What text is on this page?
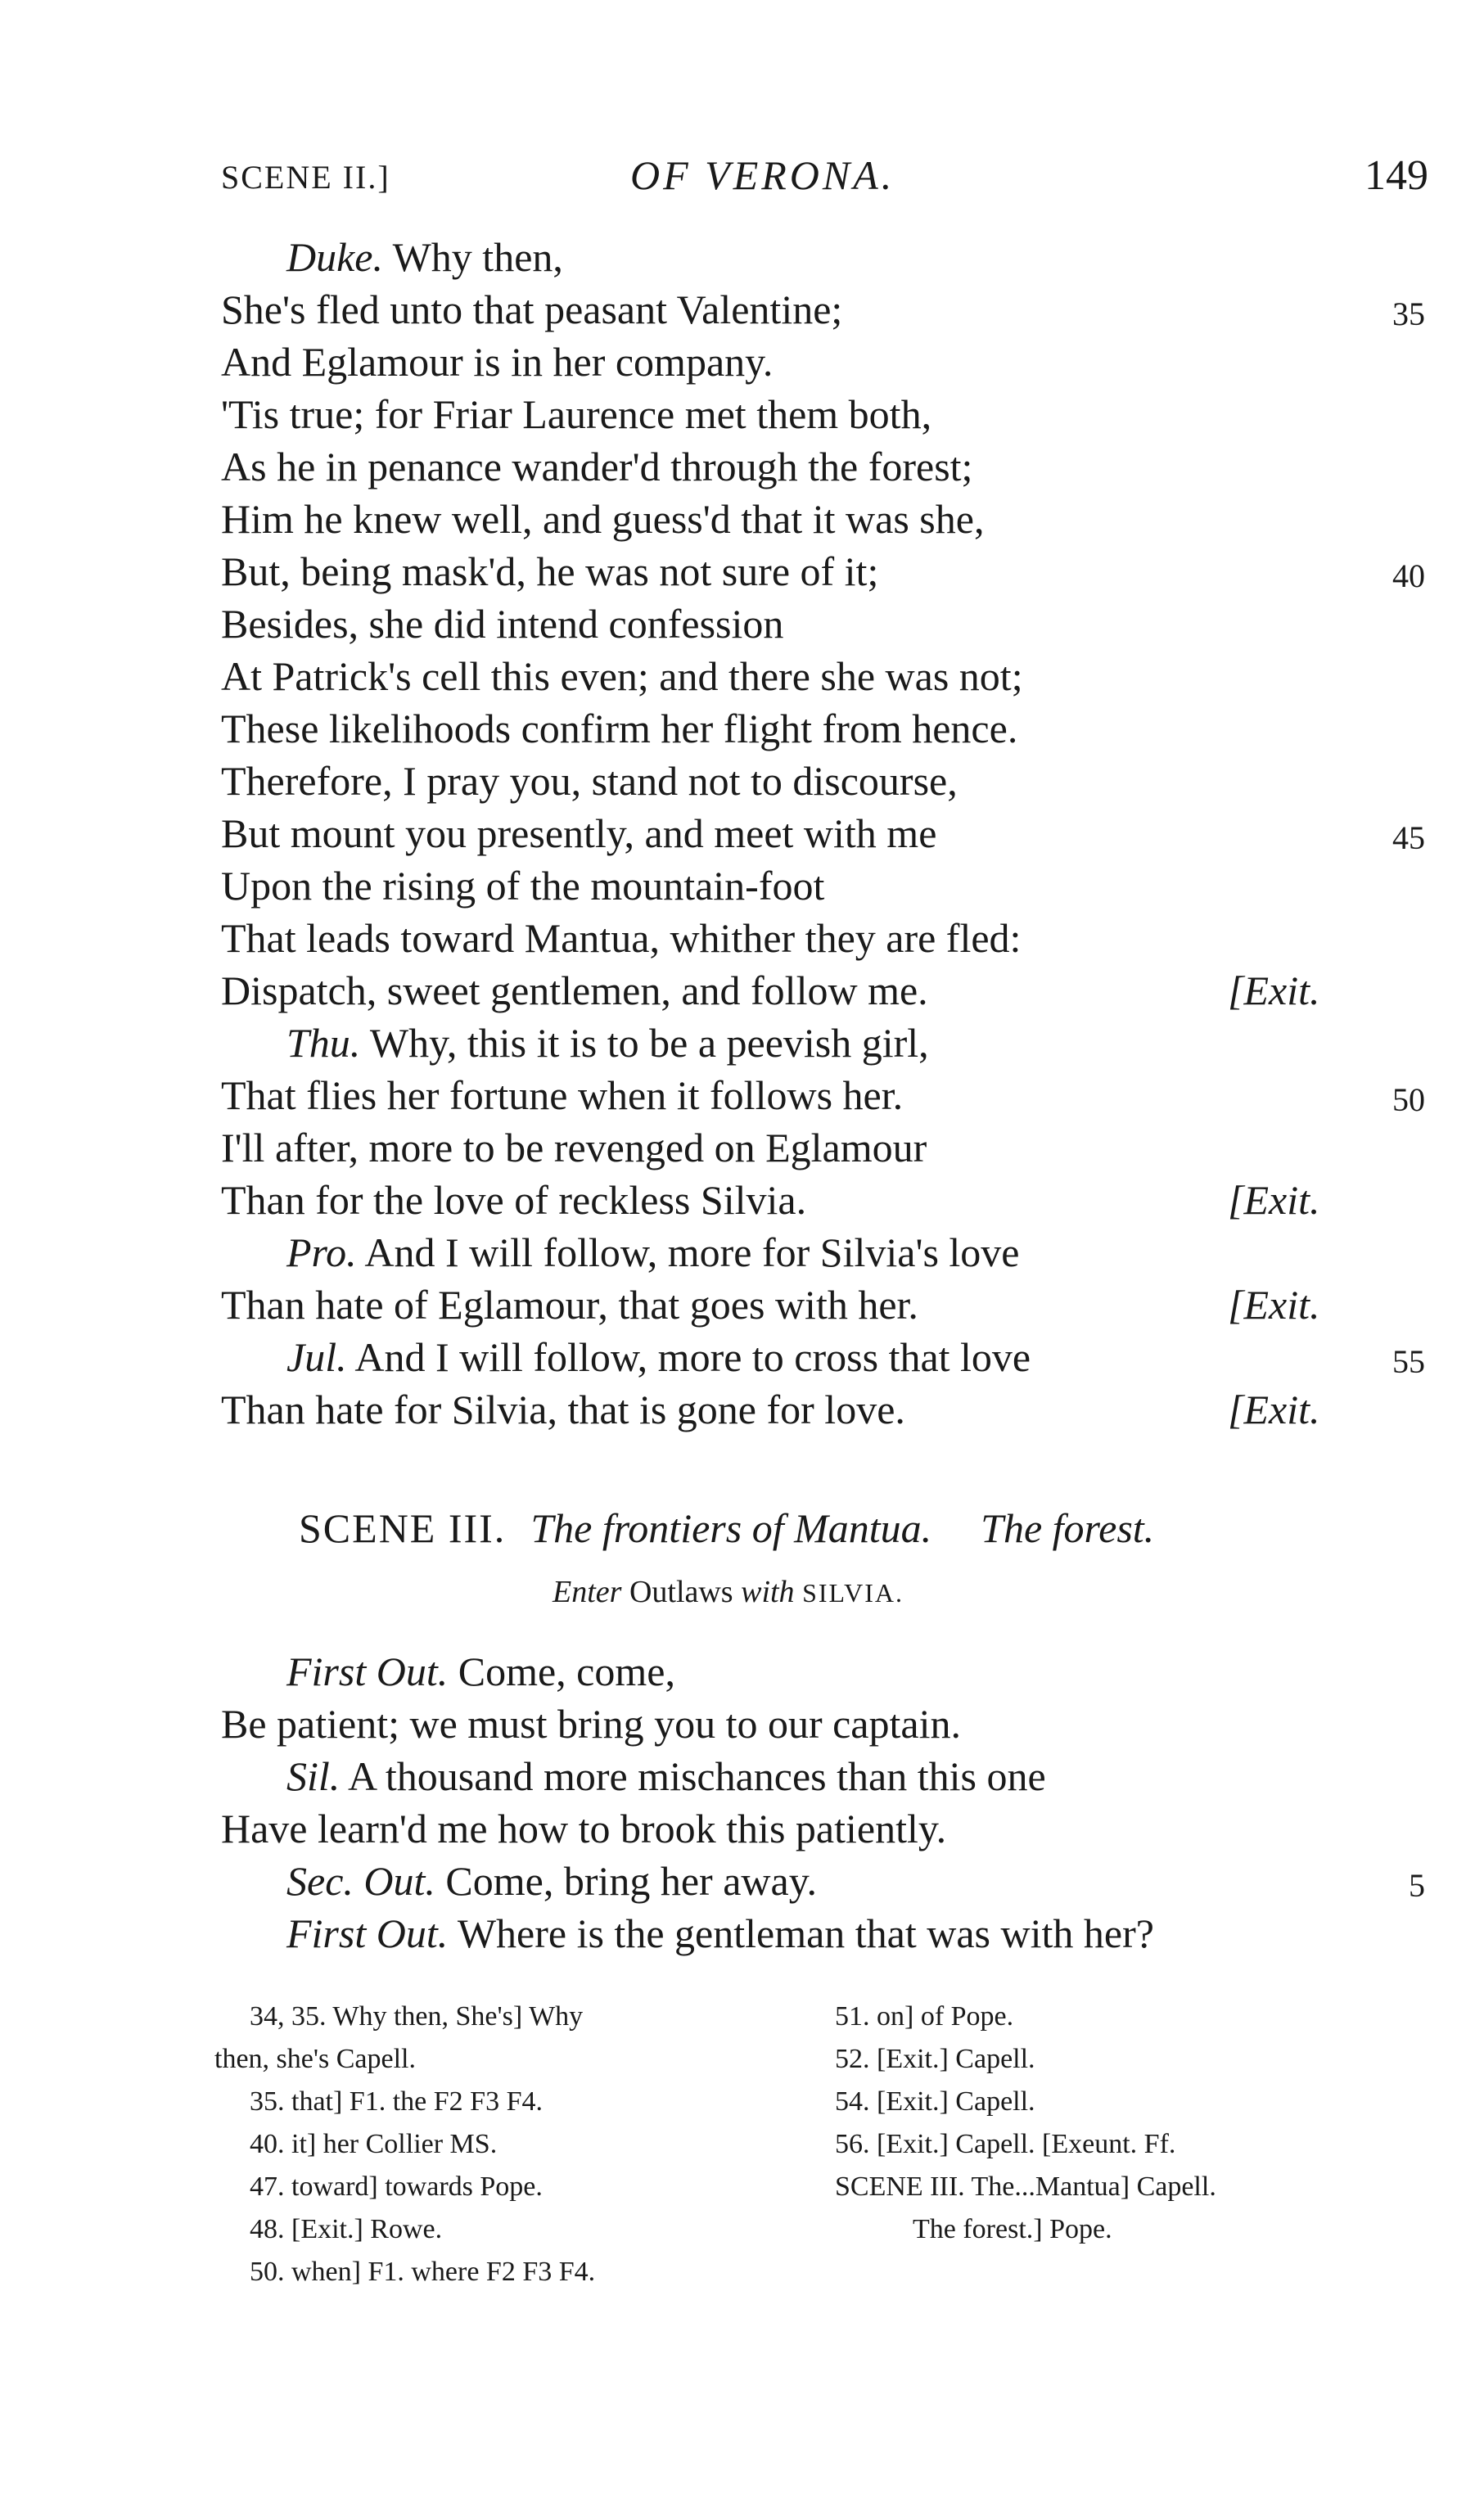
SCENE II.]	OF VERONA.	149
Duke. Why then,
She's fled unto that peasant Valentine;	35
And Eglamour is in her company.
'Tis true; for Friar Laurence met them both,
As he in penance wander'd through the forest;
Him he knew well, and guess'd that it was she,
But, being mask'd, he was not sure of it;	40
Besides, she did intend confession
At Patrick's cell this even; and there she was not;
These likelihoods confirm her flight from hence.
Therefore, I pray you, stand not to discourse,
But mount you presently, and meet with me	45
Upon the rising of the mountain-foot
That leads toward Mantua, whither they are fled:
Dispatch, sweet gentlemen, and follow me.	[Exit.
Thu. Why, this it is to be a peevish girl,
That flies her fortune when it follows her.	50
I'll after, more to be revenged on Eglamour
Than for the love of reckless Silvia.	[Exit.
Pro. And I will follow, more for Silvia's love
Than hate of Eglamour, that goes with her.	[Exit.
Jul. And I will follow, more to cross that love	55
Than hate for Silvia, that is gone for love.	[Exit.
SCENE III. The frontiers of Mantua. The forest.
Enter Outlaws with SILVIA.
First Out. Come, come,
Be patient; we must bring you to our captain.
Sil. A thousand more mischances than this one
Have learn'd me how to brook this patiently.
Sec. Out. Come, bring her away.	5
First Out. Where is the gentleman that was with her?
34, 35. Why then, She's] Why
then, she's Capell.
35. that] F1. the F2 F3 F4.
40. it] her Collier MS.
47. toward] towards Pope.
48. [Exit.] Rowe.
50. when] F1. where F2 F3 F4.
51. on] of Pope.
52. [Exit.] Capell.
54. [Exit.] Capell.
56. [Exit.] Capell. [Exeunt. Ff.
SCENE III. The...Mantua] Capell.
The forest.] Pope.
